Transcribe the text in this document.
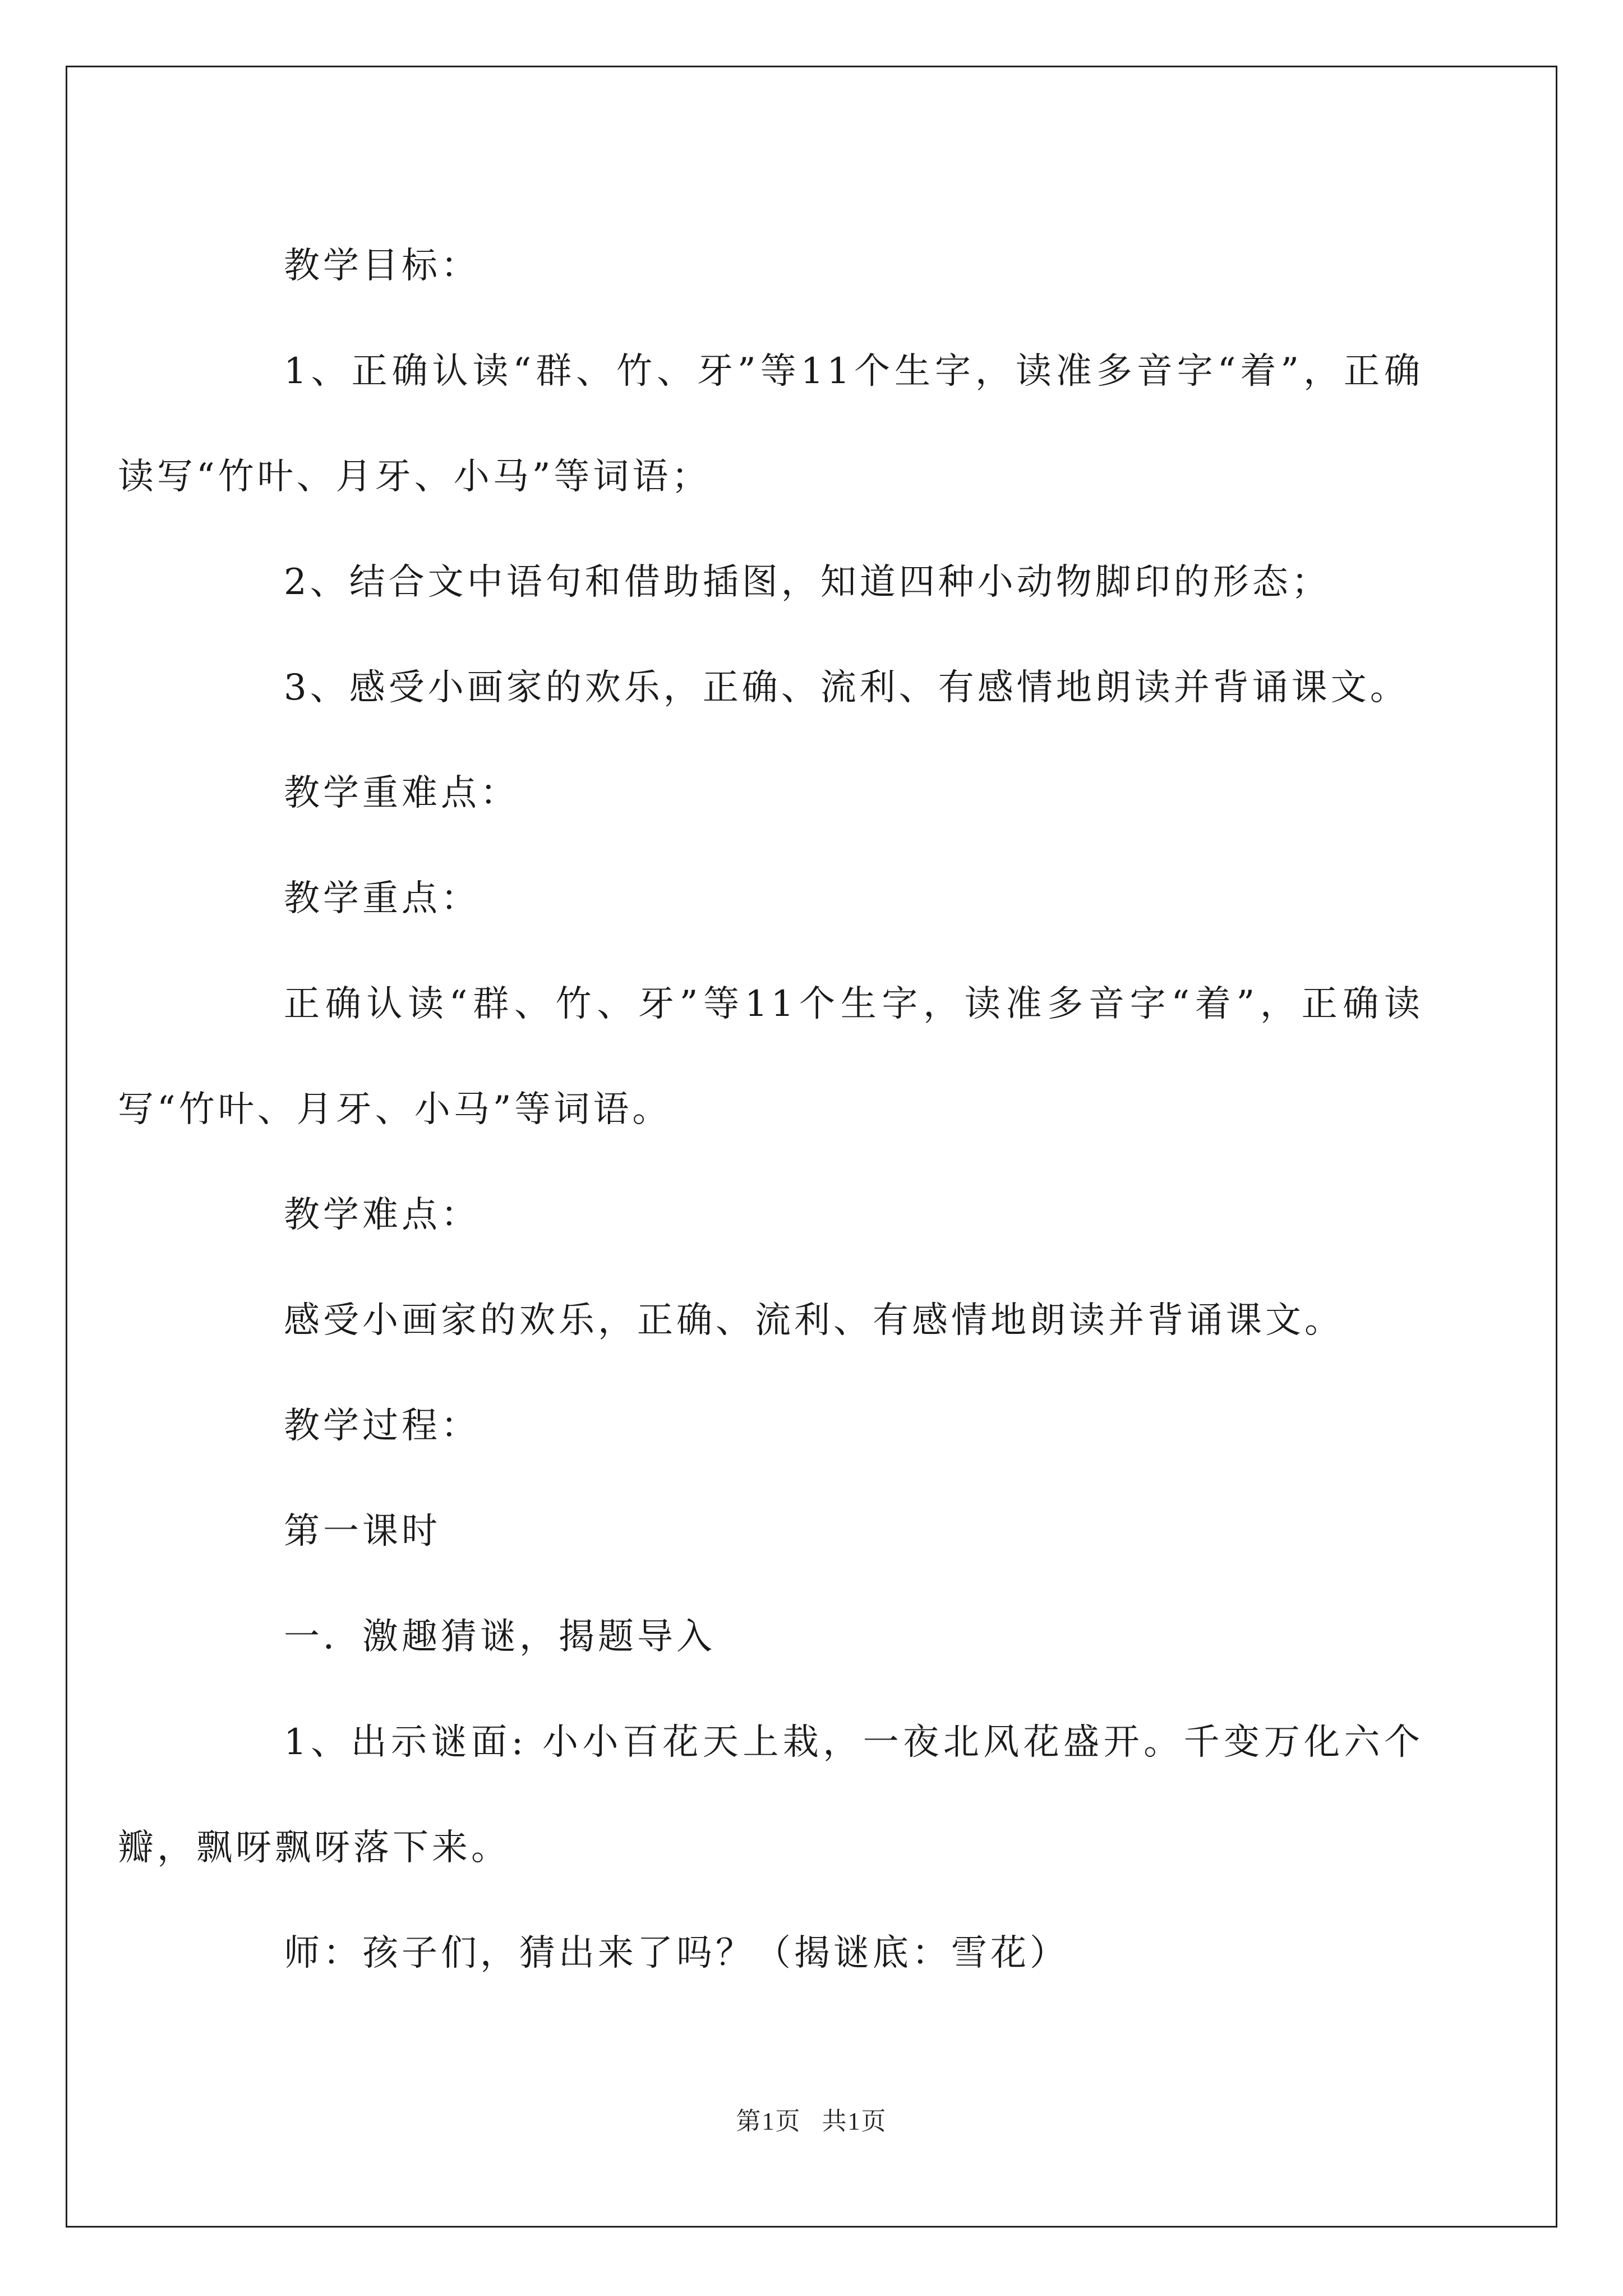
教学目标：

1、正确认读“群、竹、牙”等11个生字，读准多音字“着”，正确读写“竹叶、月牙、小马”等词语；

2、结合文中语句和借助插图，知道四种小动物脚印的形态；

3、感受小画家的欢乐，正确、流利、有感情地朗读并背诵课文。

教学重难点：

教学重点：

正确认读“群、竹、牙”等11个生字，读准多音字“着”，正确读写“竹叶、月牙、小马”等词语。

教学难点：

感受小画家的欢乐，正确、流利、有感情地朗读并背诵课文。

教学过程：

第一课时

一．激趣猜谜，揭题导入

1、出示谜面: 小小百花天上栽，一夜北风花盛开。千变万化六个瓣，飘呀飘呀落下来。

师：孩子们，猜出来了吗？（揭谜底：雪花）

第1页 共1页
